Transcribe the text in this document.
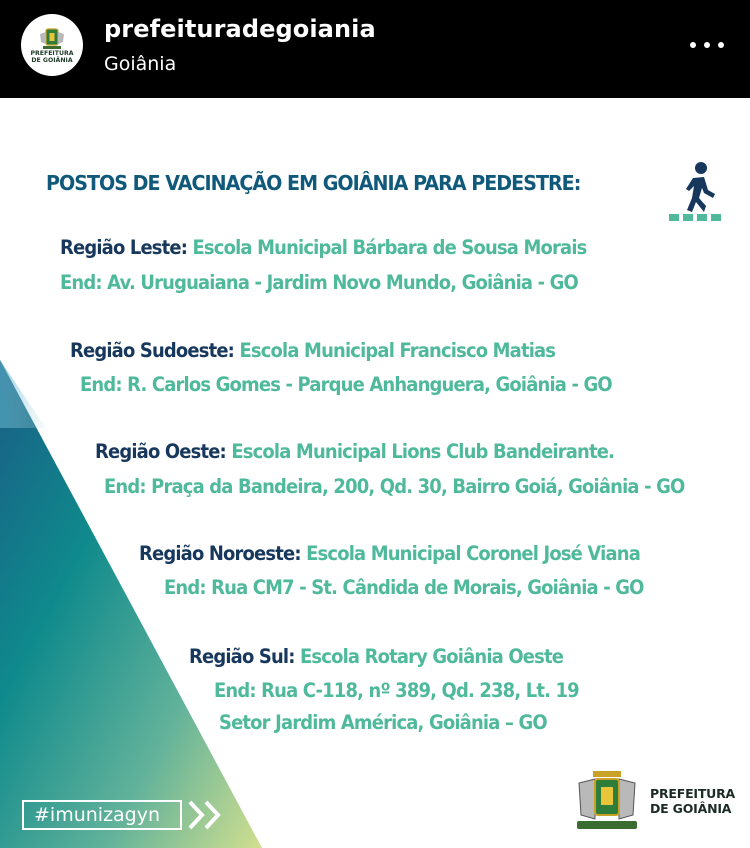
PREFEITURA
DE GOIÂNIA
prefeituradegoiania
Goiânia
POSTOS DE VACINAÇÃO EM GOIÂNIA PARA PEDESTRE:
Região Leste: Escola Municipal Bárbara de Sousa Morais
End: Av. Uruguaiana - Jardim Novo Mundo, Goiânia - GO
Região Sudoeste: Escola Municipal Francisco Matias
End: R. Carlos Gomes - Parque Anhanguera, Goiânia - GO
Região Oeste: Escola Municipal Lions Club Bandeirante.
End: Praça da Bandeira, 200, Qd. 30, Bairro Goiá, Goiânia - GO
Região Noroeste: Escola Municipal Coronel José Viana
End: Rua CM7 - St. Cândida de Morais, Goiânia - GO
Região Sul: Escola Rotary Goiânia Oeste
End: Rua C-118, nº 389, Qd. 238, Lt. 19
Setor Jardim América, Goiânia – GO
#imunizagyn
PREFEITURA
DE GOIÂNIA
